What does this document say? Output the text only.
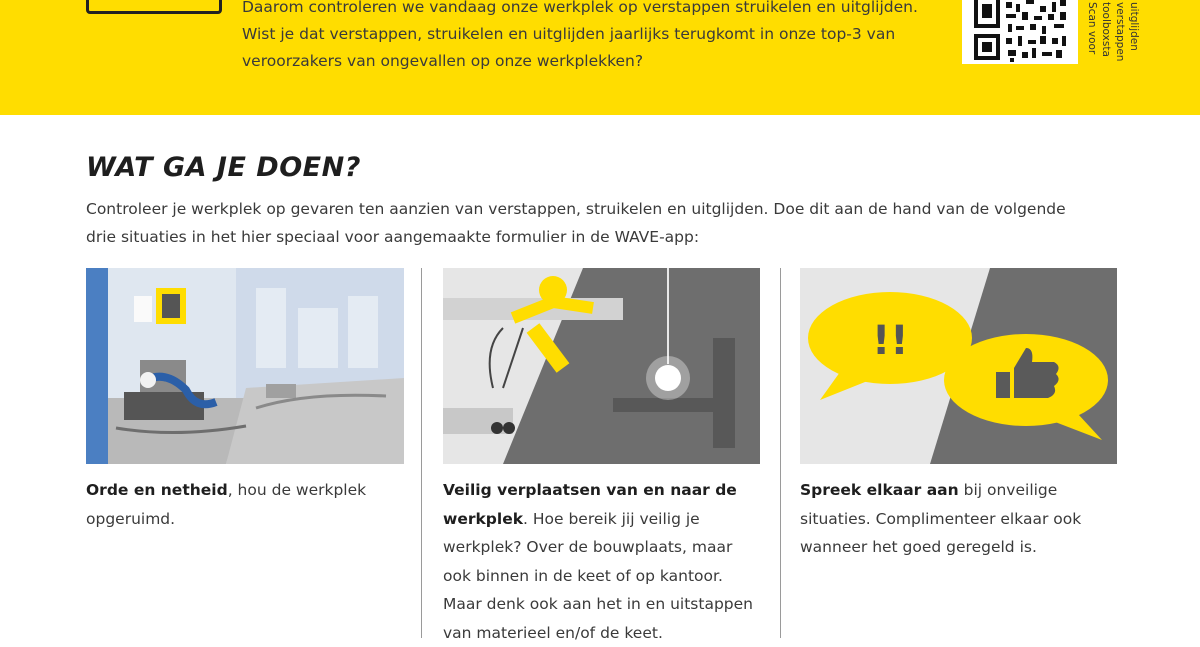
Daarom controleren we vandaag onze werkplek op verstappen struikelen en uitglijden.

Wist je dat verstappen, struikelen en uitglijden jaarlijks terugkomt in onze top-3 van

veroorzakers van ongevallen op onze werkplekken?

Scan voor toolboxsta verstappen uitglijden
WAT GA JE DOEN?

Controleer je werkplek op gevaren ten aanzien van verstappen, struikelen en uitglijden. Doe dit aan de hand van de volgende

drie situaties in het hier speciaal voor aangemaakte formulier in de WAVE-app:

!!

Orde en netheid, hou de werkplek

opgeruimd.

Veilig verplaatsen van en naar de

werkplek. Hoe bereik jij veilig je

werkplek? Over de bouwplaats, maar

ook binnen in de keet of op kantoor.

Maar denk ook aan het in en uitstappen

van materieel en/of de keet.

Spreek elkaar aan bij onveilige

situaties. Complimenteer elkaar ook

wanneer het goed geregeld is.
